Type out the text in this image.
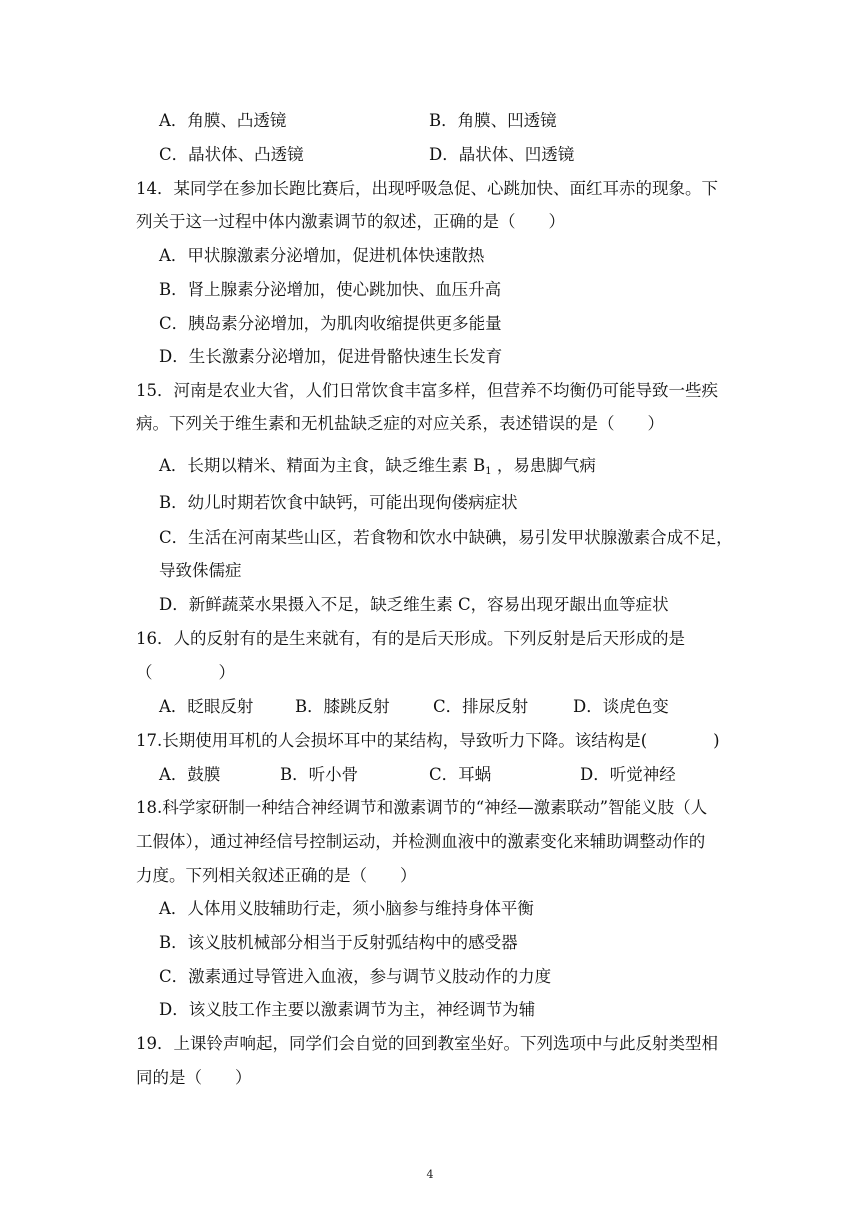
A．角膜、凸透镜	B．角膜、凹透镜
C．晶状体、凸透镜	D．晶状体、凹透镜
14．某同学在参加长跑比赛后，出现呼吸急促、心跳加快、面红耳赤的现象。下
列关于这一过程中体内激素调节的叙述，正确的是（　　）
A．甲状腺激素分泌增加，促进机体快速散热
B．肾上腺素分泌增加，使心跳加快、血压升高
C．胰岛素分泌增加，为肌肉收缩提供更多能量
D．生长激素分泌增加，促进骨骼快速生长发育
15．河南是农业大省，人们日常饮食丰富多样，但营养不均衡仍可能导致一些疾
病。下列关于维生素和无机盐缺乏症的对应关系，表述错误的是（　　）
A．长期以精米、精面为主食，缺乏维生素 $B_1$ ，易患脚气病
B．幼儿时期若饮食中缺钙，可能出现佝偻病症状
C．生活在河南某些山区，若食物和饮水中缺碘，易引发甲状腺激素合成不足，
导致侏儒症
D．新鲜蔬菜水果摄入不足，缺乏维生素 C，容易出现牙龈出血等症状
16．人的反射有的是生来就有，有的是后天形成。下列反射是后天形成的是
（　　　　）
A．眨眼反射	B．膝跳反射	C．排尿反射	D．谈虎色变
17.长期使用耳机的人会损坏耳中的某结构，导致听力下降。该结构是(　　　　)
A．鼓膜	B．听小骨	C．耳蜗	D．听觉神经
18.科学家研制一种结合神经调节和激素调节的“神经—激素联动”智能义肢（人
工假体），通过神经信号控制运动，并检测血液中的激素变化来辅助调整动作的
力度。下列相关叙述正确的是（　　）
A．人体用义肢辅助行走，须小脑参与维持身体平衡
B．该义肢机械部分相当于反射弧结构中的感受器
C．激素通过导管进入血液，参与调节义肢动作的力度
D．该义肢工作主要以激素调节为主，神经调节为辅
19．上课铃声响起，同学们会自觉的回到教室坐好。下列选项中与此反射类型相
同的是（　　）
4
